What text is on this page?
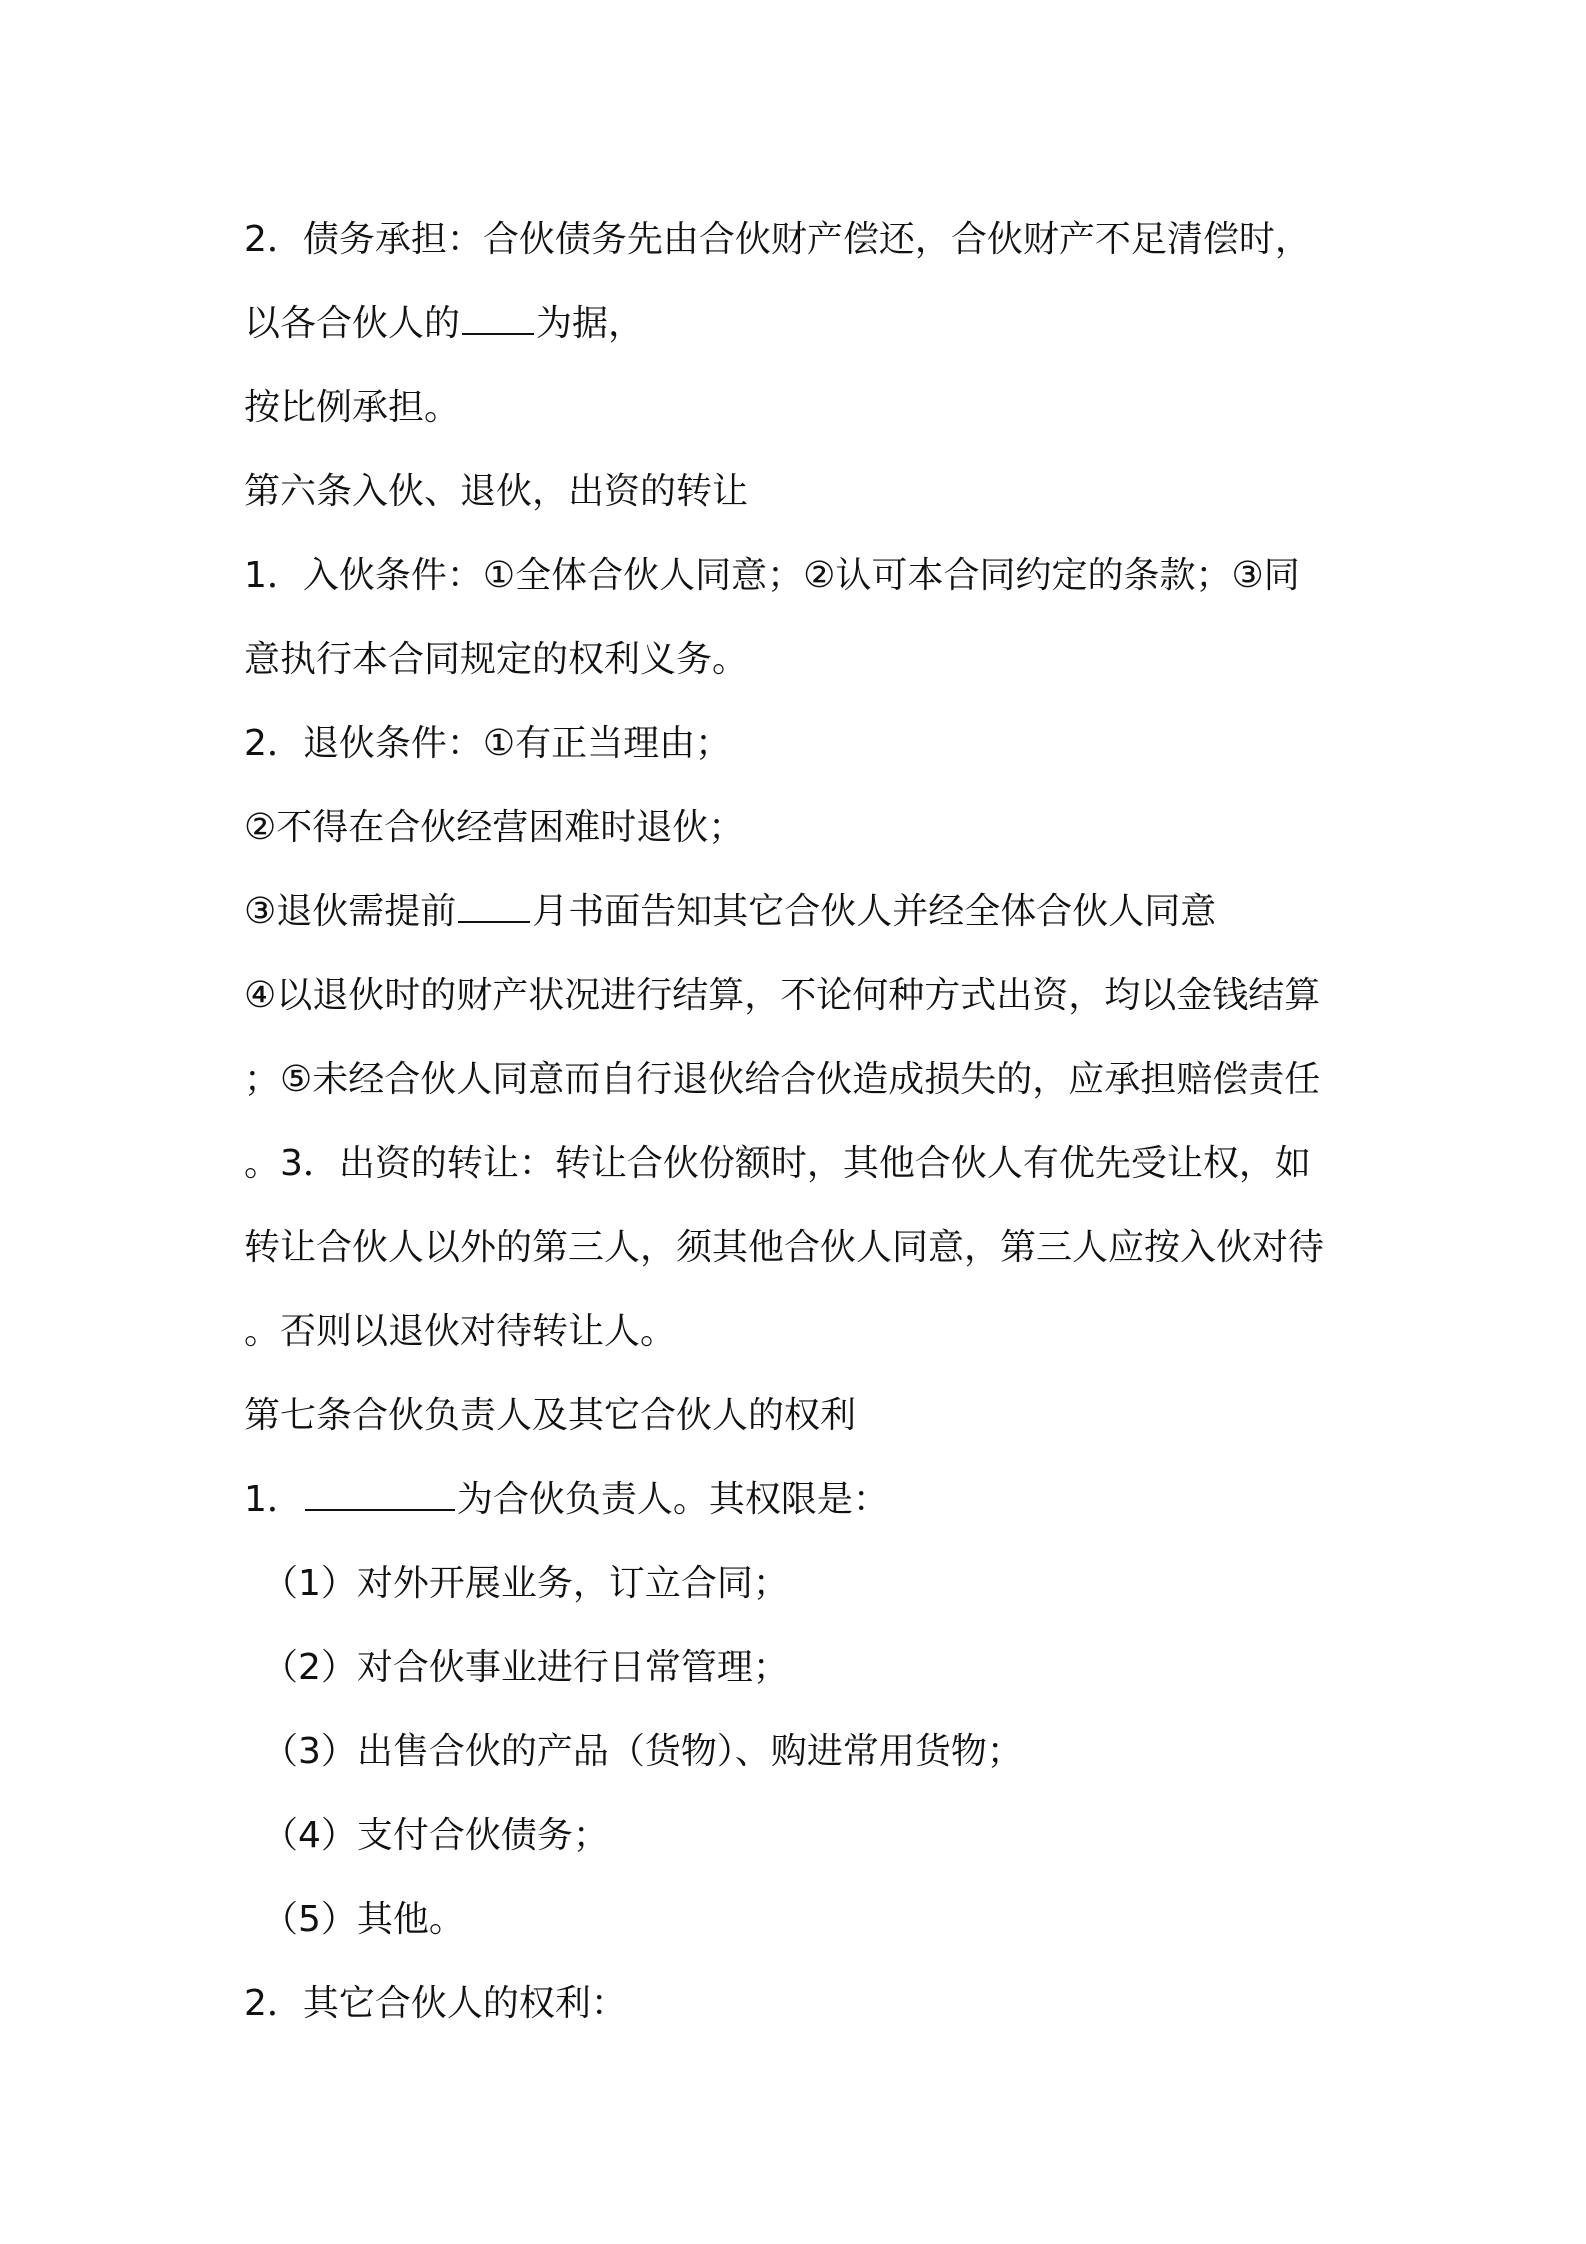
2．债务承担：合伙债务先由合伙财产偿还，合伙财产不足清偿时，
以各合伙人的 为据，
按比例承担。
第六条入伙、退伙，出资的转让
1．入伙条件：①全体合伙人同意；②认可本合同约定的条款；③同
意执行本合同规定的权利义务。
2．退伙条件：①有正当理由；
②不得在合伙经营困难时退伙；
③退伙需提前 月书面告知其它合伙人并经全体合伙人同意
④以退伙时的财产状况进行结算，不论何种方式出资，均以金钱结算
；⑤未经合伙人同意而自行退伙给合伙造成损失的，应承担赔偿责任
。3．出资的转让：转让合伙份额时，其他合伙人有优先受让权，如
转让合伙人以外的第三人，须其他合伙人同意，第三人应按入伙对待
。否则以退伙对待转让人。
第七条合伙负责人及其它合伙人的权利
1．	为合伙负责人。其权限是：
（1）对外开展业务，订立合同；
（2）对合伙事业进行日常管理；
（3）出售合伙的产品（货物）、购进常用货物；
（4）支付合伙债务；
（5）其他。
2．其它合伙人的权利：
